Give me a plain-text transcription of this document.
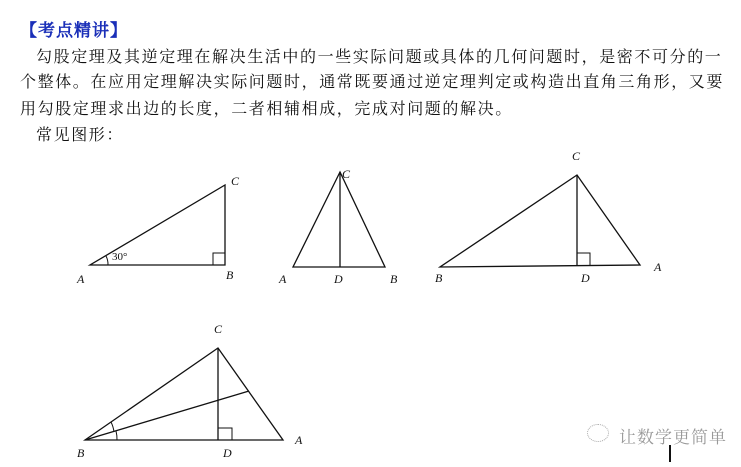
【考点精讲】
勾股定理及其逆定理在解决生活中的一些实际问题或具体的几何问题时，是密不可分的一
个整体。在应用定理解决实际问题时，通常既要通过逆定理判定或构造出直角三角形，又要
用勾股定理求出边的长度，二者相辅相成，完成对问题的解决。
常见图形：
A	B
C
30°
A	D	B
C
C
B	D
A
C
B	D
A	让数学更简单
